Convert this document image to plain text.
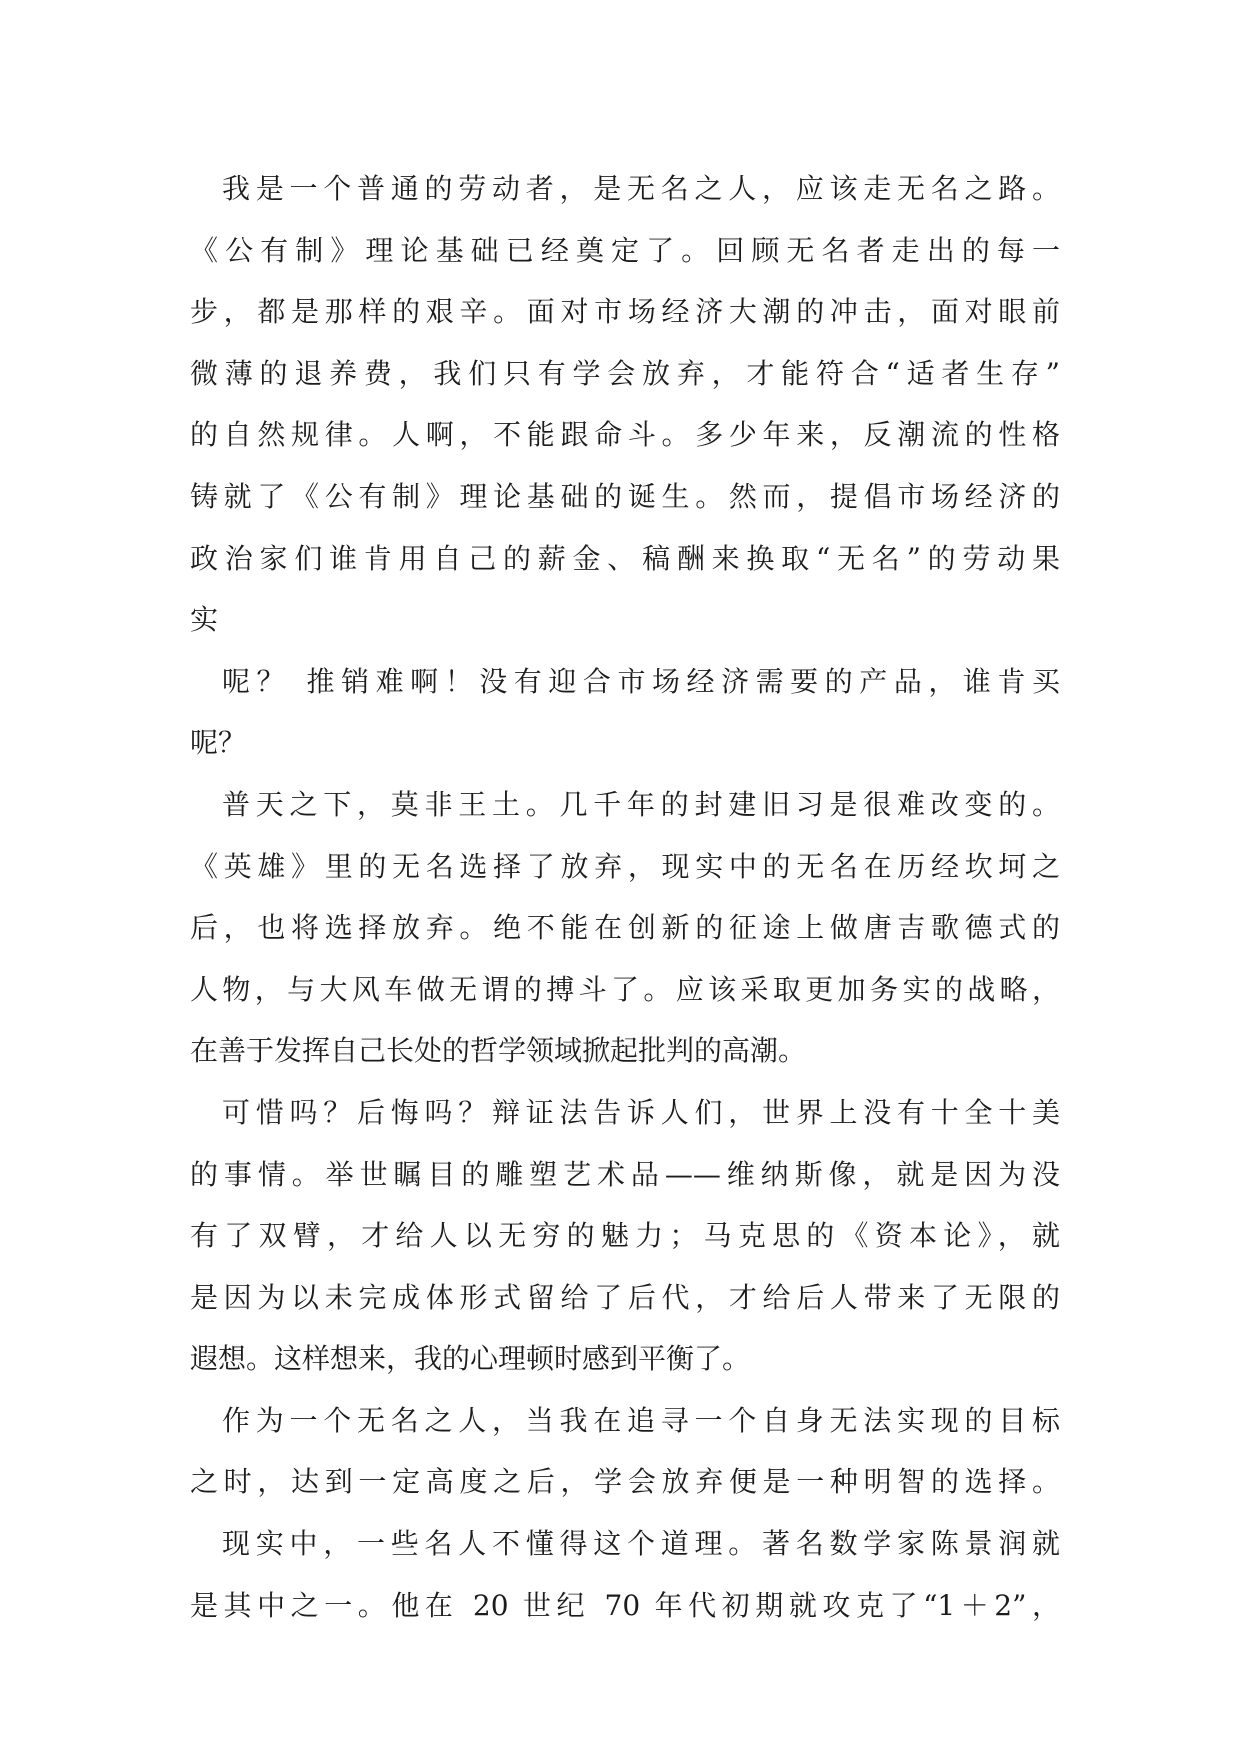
我是一个普通的劳动者，是无名之人，应该走无名之路。
《公有制》理论基础已经奠定了。回顾无名者走出的每一
步，都是那样的艰辛。面对市场经济大潮的冲击，面对眼前
微薄的退养费，我们只有学会放弃，才能符合“适者生存”
的自然规律。人啊，不能跟命斗。多少年来，反潮流的性格
铸就了《公有制》理论基础的诞生。然而，提倡市场经济的
政治家们谁肯用自己的薪金、稿酬来换取“无名”的劳动果
实
呢？ 推销难啊！没有迎合市场经济需要的产品，谁肯买
呢？
普天之下，莫非王土。几千年的封建旧习是很难改变的。
《英雄》里的无名选择了放弃，现实中的无名在历经坎坷之
后，也将选择放弃。绝不能在创新的征途上做唐吉歌德式的
人物，与大风车做无谓的搏斗了。应该采取更加务实的战略，
在善于发挥自己长处的哲学领域掀起批判的高潮。
可惜吗？后悔吗？辩证法告诉人们，世界上没有十全十美
的事情。举世瞩目的雕塑艺术品——维纳斯像，就是因为没
有了双臂，才给人以无穷的魅力；马克思的《资本论》，就
是因为以未完成体形式留给了后代，才给后人带来了无限的
遐想。这样想来，我的心理顿时感到平衡了。
作为一个无名之人，当我在追寻一个自身无法实现的目标
之时，达到一定高度之后，学会放弃便是一种明智的选择。
现实中，一些名人不懂得这个道理。著名数学家陈景润就
是其中之一。他在 20 世纪 70 年代初期就攻克了“1＋2”，
